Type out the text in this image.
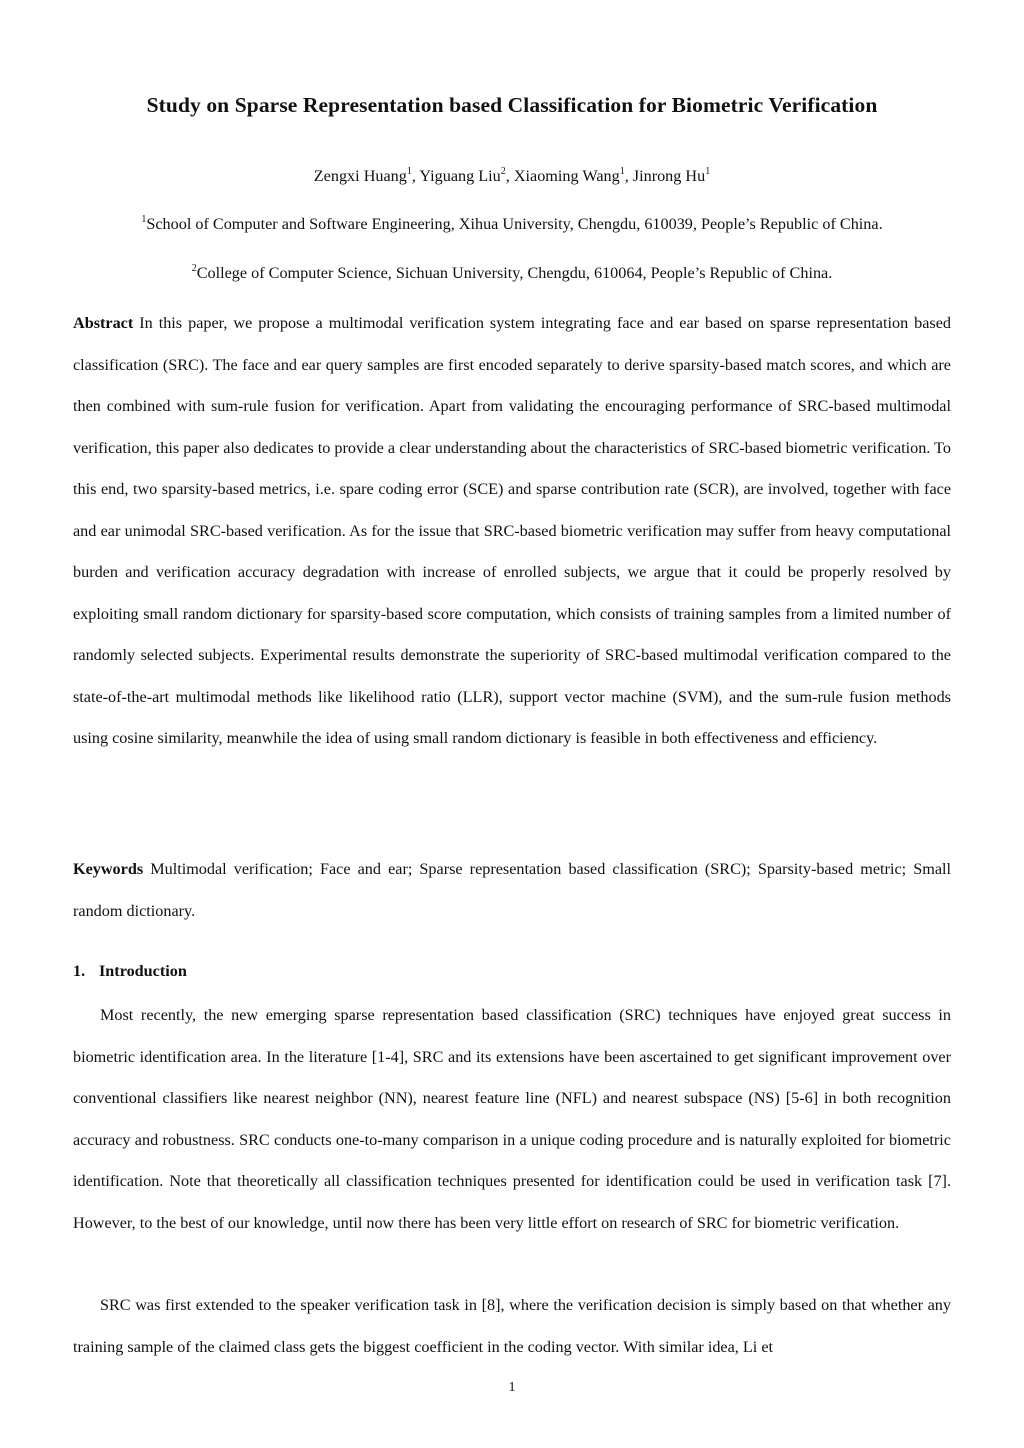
Study on Sparse Representation based Classification for Biometric Verification
Zengxi Huang$^1$, Yiguang Liu$^2$, Xiaoming Wang$^1$, Jinrong Hu$^1$
$^1$School of Computer and Software Engineering, Xihua University, Chengdu, 610039, People’s Republic of China.
$^2$College of Computer Science, Sichuan University, Chengdu, 610064, People’s Republic of China.

Abstract In this paper, we propose a multimodal verification system integrating face and ear based on sparse representation based classification (SRC). The face and ear query samples are first encoded separately to derive sparsity-based match scores, and which are then combined with sum-rule fusion for verification. Apart from validating the encouraging performance of SRC-based multimodal verification, this paper also dedicates to provide a clear understanding about the characteristics of SRC-based biometric verification. To this end, two sparsity-based metrics, i.e. spare coding error (SCE) and sparse contribution rate (SCR), are involved, together with face and ear unimodal SRC-based verification. As for the issue that SRC-based biometric verification may suffer from heavy computational burden and verification accuracy degradation with increase of enrolled subjects, we argue that it could be properly resolved by exploiting small random dictionary for sparsity-based score computation, which consists of training samples from a limited number of randomly selected subjects. Experimental results demonstrate the superiority of SRC-based multimodal verification compared to the state-of-the-art multimodal methods like likelihood ratio (LLR), support vector machine (SVM), and the sum-rule fusion methods using cosine similarity, meanwhile the idea of using small random dictionary is feasible in both effectiveness and efficiency.

Keywords Multimodal verification; Face and ear; Sparse representation based classification (SRC); Sparsity-based metric; Small random dictionary.

1. Introduction

Most recently, the new emerging sparse representation based classification (SRC) techniques have enjoyed great success in biometric identification area. In the literature [1-4], SRC and its extensions have been ascertained to get significant improvement over conventional classifiers like nearest neighbor (NN), nearest feature line (NFL) and nearest subspace (NS) [5-6] in both recognition accuracy and robustness. SRC conducts one-to-many comparison in a unique coding procedure and is naturally exploited for biometric identification. Note that theoretically all classification techniques presented for identification could be used in verification task [7]. However, to the best of our knowledge, until now there has been very little effort on research of SRC for biometric verification.

SRC was first extended to the speaker verification task in [8], where the verification decision is simply based on that whether any training sample of the claimed class gets the biggest coefficient in the coding vector. With similar idea, Li et

1
